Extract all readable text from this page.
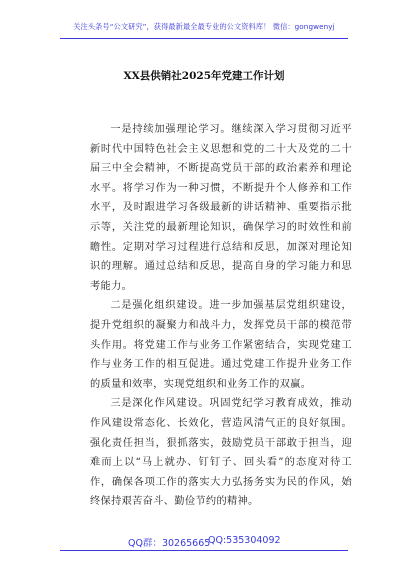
关注头条号“公文研究”，获得最新最全最专业的公文资料库！ 微信：gongwenyj
XX县供销社2025年党建工作计划

一是持续加强理论学习。继续深入学习贯彻习近平新时代中国特色社会主义思想和党的二十大及党的二十届三中全会精神，不断提高党员干部的政治素养和理论水平。将学习作为一种习惯，不断提升个人修养和工作水平，及时跟进学习各级最新的讲话精神、重要指示批示等，关注党的最新理论知识，确保学习的时效性和前瞻性。定期对学习过程进行总结和反思，加深对理论知识的理解。通过总结和反思，提高自身的学习能力和思考能力。

二是强化组织建设。进一步加强基层党组织建设，提升党组织的凝聚力和战斗力，发挥党员干部的模范带头作用。将党建工作与业务工作紧密结合，实现党建工作与业务工作的相互促进。通过党建工作提升业务工作的质量和效率，实现党组织和业务工作的双赢。

三是深化作风建设。巩固党纪学习教育成效，推动作风建设常态化、长效化，营造风清气正的良好氛围。强化责任担当，狠抓落实，鼓励党员干部敢于担当，迎难而上以“马上就办、钉钉子、回头看”的态度对待工作，确保各项工作的落实大力弘扬务实为民的作风，始终保持艰苦奋斗、勤俭节约的精神。

QQ群：30265665
QQ:535304092
